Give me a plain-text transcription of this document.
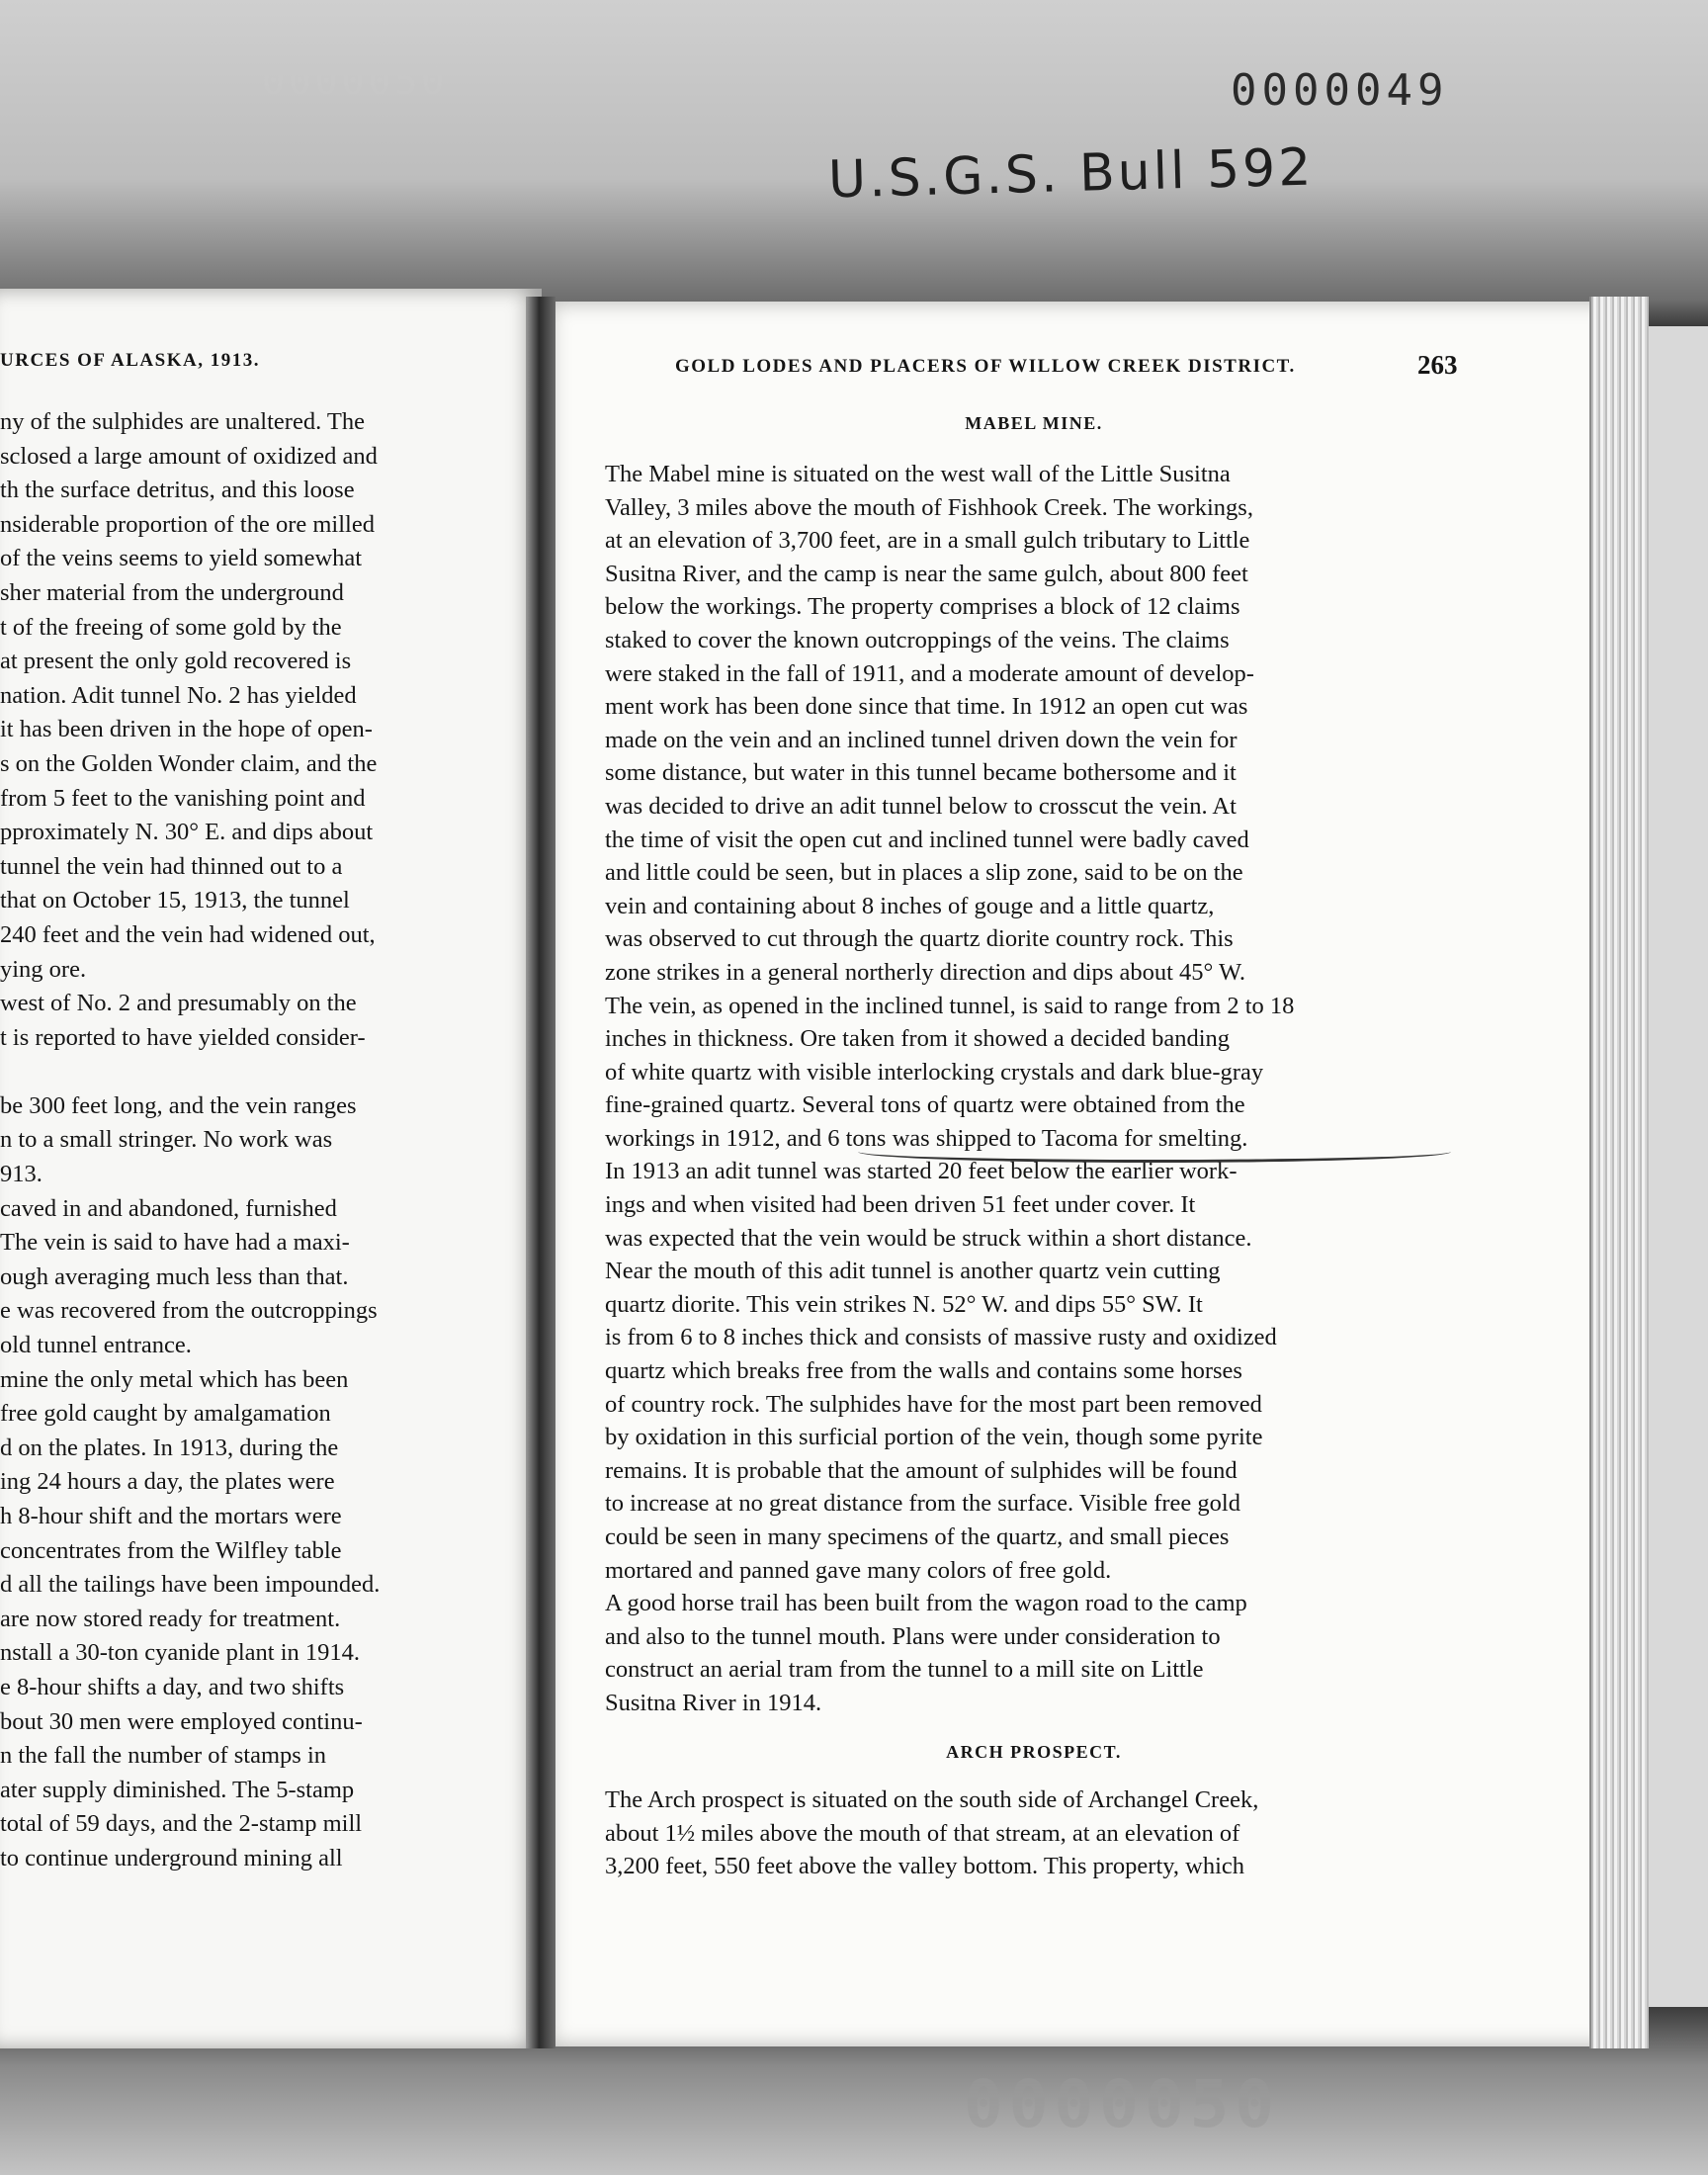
0000050	0000049
U.S.G.S. Bull 592
0000050
URCES OF ALASKA, 1913.
ny of the sulphides are unaltered. The
sclosed a large amount of oxidized and
th the surface detritus, and this loose
nsiderable proportion of the ore milled
of the veins seems to yield somewhat
sher material from the underground
t of the freeing of some gold by the
at present the only gold recovered is
nation. Adit tunnel No. 2 has yielded
it has been driven in the hope of open-
s on the Golden Wonder claim, and the
from 5 feet to the vanishing point and
pproximately N. 30° E. and dips about
tunnel the vein had thinned out to a
that on October 15, 1913, the tunnel
240 feet and the vein had widened out,
ying ore.
west of No. 2 and presumably on the
t is reported to have yielded consider-
be 300 feet long, and the vein ranges
n to a small stringer. No work was
913.
caved in and abandoned, furnished
The vein is said to have had a maxi-
ough averaging much less than that.
e was recovered from the outcroppings
old tunnel entrance.
mine the only metal which has been
free gold caught by amalgamation
d on the plates. In 1913, during the
ing 24 hours a day, the plates were
h 8-hour shift and the mortars were
concentrates from the Wilfley table
d all the tailings have been impounded.
are now stored ready for treatment.
nstall a 30-ton cyanide plant in 1914.
e 8-hour shifts a day, and two shifts
bout 30 men were employed continu-
n the fall the number of stamps in
ater supply diminished. The 5-stamp
total of 59 days, and the 2-stamp mill
to continue underground mining all
GOLD LODES AND PLACERS OF WILLOW CREEK DISTRICT.	263
MABEL MINE.
The Mabel mine is situated on the west wall of the Little Susitna
Valley, 3 miles above the mouth of Fishhook Creek. The workings,
at an elevation of 3,700 feet, are in a small gulch tributary to Little
Susitna River, and the camp is near the same gulch, about 800 feet
below the workings. The property comprises a block of 12 claims
staked to cover the known outcroppings of the veins. The claims
were staked in the fall of 1911, and a moderate amount of develop-
ment work has been done since that time. In 1912 an open cut was
made on the vein and an inclined tunnel driven down the vein for
some distance, but water in this tunnel became bothersome and it
was decided to drive an adit tunnel below to crosscut the vein. At
the time of visit the open cut and inclined tunnel were badly caved
and little could be seen, but in places a slip zone, said to be on the
vein and containing about 8 inches of gouge and a little quartz,
was observed to cut through the quartz diorite country rock. This
zone strikes in a general northerly direction and dips about 45° W.
The vein, as opened in the inclined tunnel, is said to range from 2 to 18
inches in thickness. Ore taken from it showed a decided banding
of white quartz with visible interlocking crystals and dark blue-gray
fine-grained quartz. Several tons of quartz were obtained from the
workings in 1912, and 6 tons was shipped to Tacoma for smelting.
In 1913 an adit tunnel was started 20 feet below the earlier work-
ings and when visited had been driven 51 feet under cover. It
was expected that the vein would be struck within a short distance.
Near the mouth of this adit tunnel is another quartz vein cutting
quartz diorite. This vein strikes N. 52° W. and dips 55° SW. It
is from 6 to 8 inches thick and consists of massive rusty and oxidized
quartz which breaks free from the walls and contains some horses
of country rock. The sulphides have for the most part been removed
by oxidation in this surficial portion of the vein, though some pyrite
remains. It is probable that the amount of sulphides will be found
to increase at no great distance from the surface. Visible free gold
could be seen in many specimens of the quartz, and small pieces
mortared and panned gave many colors of free gold.
A good horse trail has been built from the wagon road to the camp
and also to the tunnel mouth. Plans were under consideration to
construct an aerial tram from the tunnel to a mill site on Little
Susitna River in 1914.
ARCH PROSPECT.
The Arch prospect is situated on the south side of Archangel Creek,
about 1½ miles above the mouth of that stream, at an elevation of
3,200 feet, 550 feet above the valley bottom. This property, which
